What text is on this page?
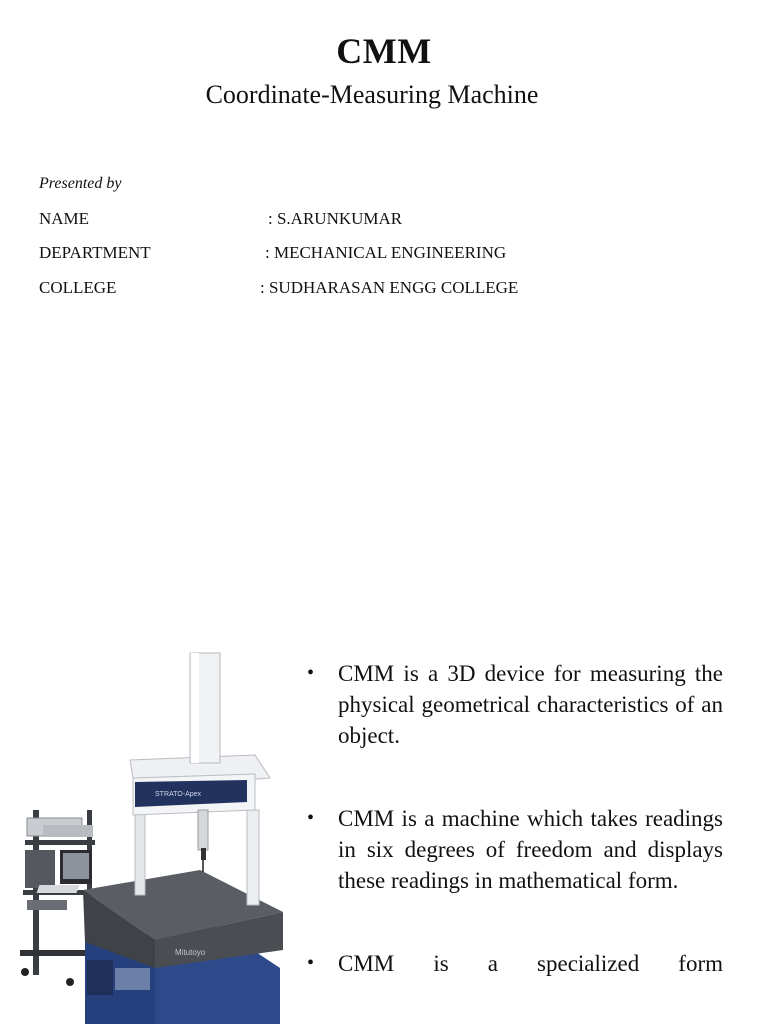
CMM
Coordinate-Measuring Machine
Presented by
NAME	: S.ARUNKUMAR
DEPARTMENT	: MECHANICAL ENGINEERING
COLLEGE	: SUDHARASAN ENGG COLLEGE
Mitutoyo
STRATO-Apex
• CMM is a 3D device for measuring the physical geometrical characteristics of an object.
• CMM is a machine which takes readings in six degrees of freedom and displays these readings in mathematical form.
• CMM is a specialized form
